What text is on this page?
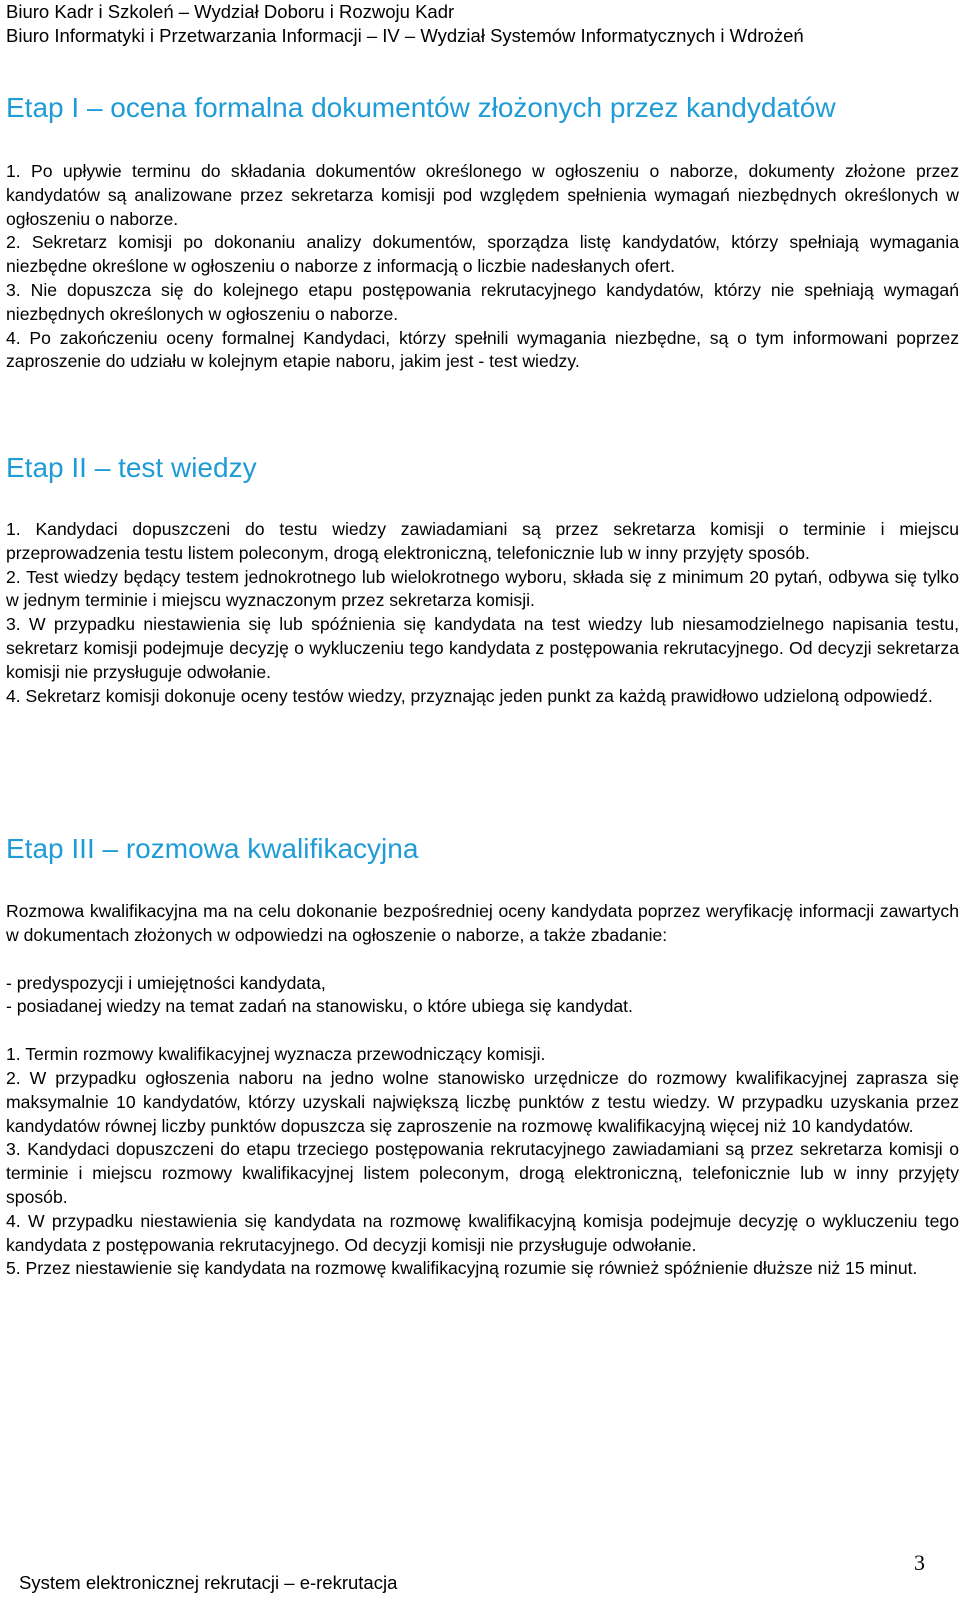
Biuro Kadr i Szkoleń – Wydział Doboru i Rozwoju Kadr
Biuro Informatyki i Przetwarzania Informacji – IV – Wydział Systemów Informatycznych i Wdrożeń
Etap I – ocena formalna dokumentów złożonych przez kandydatów

1. Po upływie terminu do składania dokumentów określonego w ogłoszeniu o naborze, dokumenty złożone przez kandydatów są analizowane przez sekretarza komisji pod względem spełnienia wymagań niezbędnych określonych w ogłoszeniu o naborze.

2. Sekretarz komisji po dokonaniu analizy dokumentów, sporządza listę kandydatów, którzy spełniają wymagania niezbędne określone w ogłoszeniu o naborze z informacją o liczbie nadesłanych ofert.

3. Nie dopuszcza się do kolejnego etapu postępowania rekrutacyjnego kandydatów, którzy nie spełniają wymagań niezbędnych określonych w ogłoszeniu o naborze.

4. Po zakończeniu oceny formalnej Kandydaci, którzy spełnili wymagania niezbędne, są o tym informowani poprzez zaproszenie do udziału w kolejnym etapie naboru, jakim jest - test wiedzy.

Etap II – test wiedzy

1. Kandydaci dopuszczeni do testu wiedzy zawiadamiani są przez sekretarza komisji o terminie i miejscu przeprowadzenia testu listem poleconym, drogą elektroniczną, telefonicznie lub w inny przyjęty sposób.

2. Test wiedzy będący testem jednokrotnego lub wielokrotnego wyboru, składa się z minimum 20 pytań, odbywa się tylko w jednym terminie i miejscu wyznaczonym przez sekretarza komisji.

3. W przypadku niestawienia się lub spóźnienia się kandydata na test wiedzy lub niesamodzielnego napisania testu, sekretarz komisji podejmuje decyzję o wykluczeniu tego kandydata z postępowania rekrutacyjnego. Od decyzji sekretarza komisji nie przysługuje odwołanie.

4. Sekretarz komisji dokonuje oceny testów wiedzy, przyznając jeden punkt za każdą prawidłowo udzieloną odpowiedź.

Etap III – rozmowa kwalifikacyjna

Rozmowa kwalifikacyjna ma na celu dokonanie bezpośredniej oceny kandydata poprzez weryfikację informacji zawartych w dokumentach złożonych w odpowiedzi na ogłoszenie o naborze, a także zbadanie:

- predyspozycji i umiejętności kandydata,

- posiadanej wiedzy na temat zadań na stanowisku, o które ubiega się kandydat.

1. Termin rozmowy kwalifikacyjnej wyznacza przewodniczący komisji.

2. W przypadku ogłoszenia naboru na jedno wolne stanowisko urzędnicze do rozmowy kwalifikacyjnej zaprasza się maksymalnie 10 kandydatów, którzy uzyskali największą liczbę punktów z testu wiedzy. W przypadku uzyskania przez kandydatów równej liczby punktów dopuszcza się zaproszenie na rozmowę kwalifikacyjną więcej niż 10 kandydatów.

3. Kandydaci dopuszczeni do etapu trzeciego postępowania rekrutacyjnego zawiadamiani są przez sekretarza komisji o terminie i miejscu rozmowy kwalifikacyjnej listem poleconym, drogą elektroniczną, telefonicznie lub w inny przyjęty sposób.

4. W przypadku niestawienia się kandydata na rozmowę kwalifikacyjną komisja podejmuje decyzję o wykluczeniu tego kandydata z postępowania rekrutacyjnego. Od decyzji komisji nie przysługuje odwołanie.

5. Przez niestawienie się kandydata na rozmowę kwalifikacyjną rozumie się również spóźnienie dłuższe niż 15 minut.

3
System elektronicznej rekrutacji – e-rekrutacja
